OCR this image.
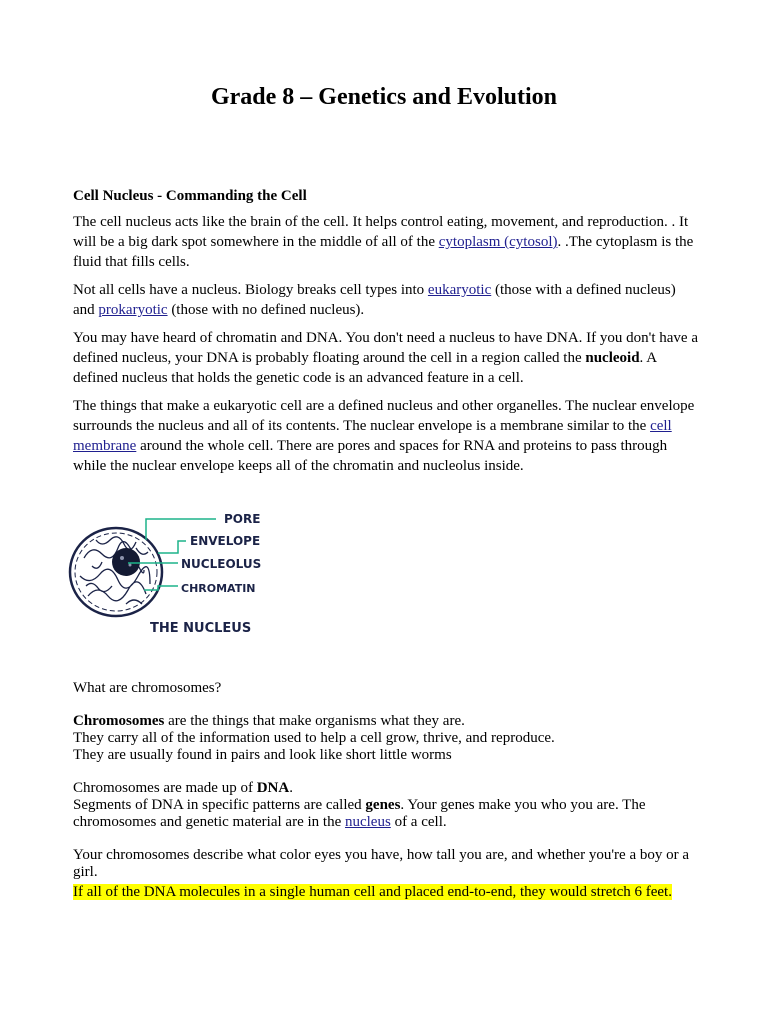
Grade 8 – Genetics and Evolution
Cell Nucleus - Commanding the Cell

The cell nucleus acts like the brain of the cell. It helps control eating, movement, and reproduction. . It will be a big dark spot somewhere in the middle of all of the cytoplasm (cytosol). .The cytoplasm is the fluid that fills cells.

Not all cells have a nucleus. Biology breaks cell types into eukaryotic (those with a defined nucleus) and prokaryotic (those with no defined nucleus).

You may have heard of chromatin and DNA. You don't need a nucleus to have DNA. If you don't have a defined nucleus, your DNA is probably floating around the cell in a region called the nucleoid. A defined nucleus that holds the genetic code is an advanced feature in a cell.

The things that make a eukaryotic cell are a defined nucleus and other organelles. The nuclear envelope surrounds the nucleus and all of its contents. The nuclear envelope is a membrane similar to the cell membrane around the whole cell. There are pores and spaces for RNA and proteins to pass through while the nuclear envelope keeps all of the chromatin and nucleolus inside.

PORE
ENVELOPE
NUCLEOLUS
CHROMATIN
THE NUCLEUS
What are chromosomes?
Chromosomes are the things that make organisms what they are.
They carry all of the information used to help a cell grow, thrive, and reproduce.
They are usually found in pairs and look like short little worms
Chromosomes are made up of DNA.
Segments of DNA in specific patterns are called genes. Your genes make you who you are. The chromosomes and genetic material are in the nucleus of a cell.
Your chromosomes describe what color eyes you have, how tall you are, and whether you're a boy or a girl.
If all of the DNA molecules in a single human cell and placed end-to-end, they would stretch 6 feet.
